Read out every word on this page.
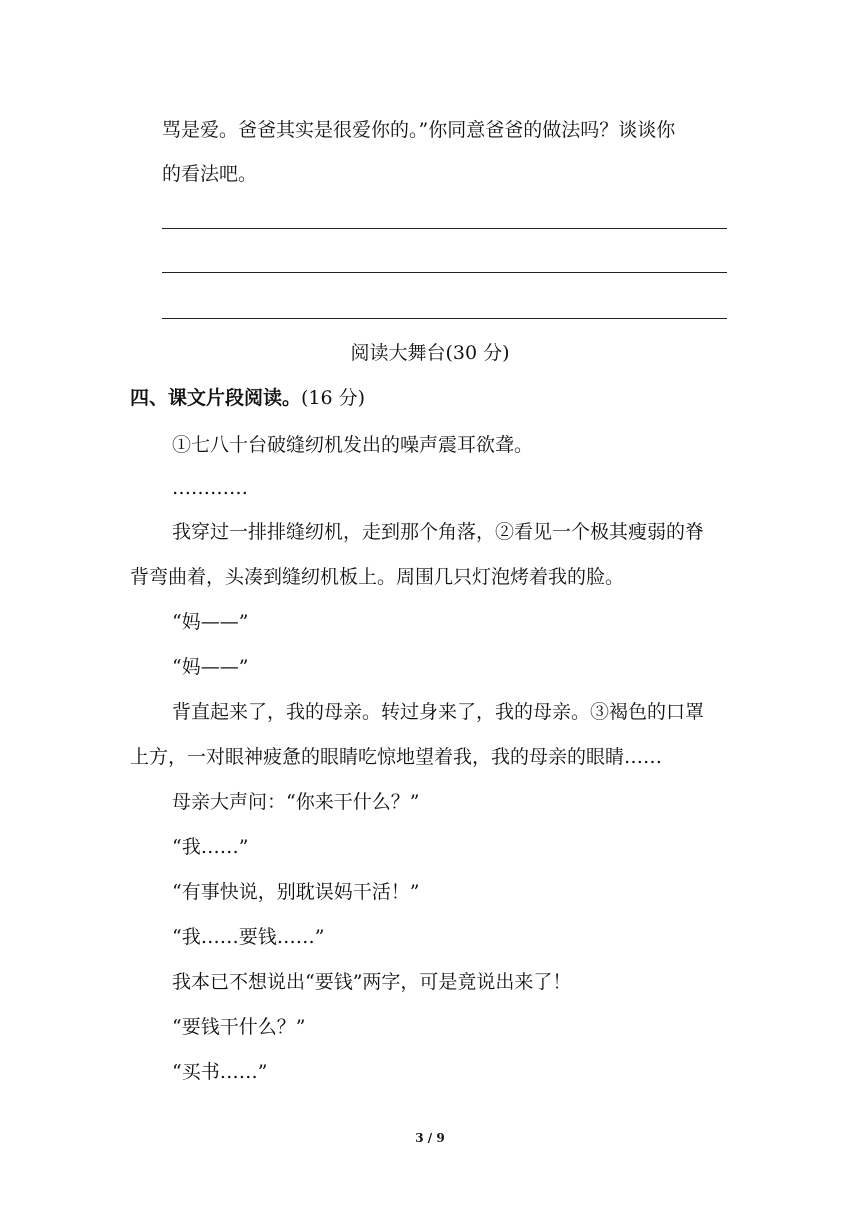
骂是爱。爸爸其实是很爱你的。”你同意爸爸的做法吗？谈谈你
的看法吧。
阅读大舞台(30 分)
四、课文片段阅读。(16 分)
①七八十台破缝纫机发出的噪声震耳欲聋。
…………
我穿过一排排缝纫机，走到那个角落，②看见一个极其瘦弱的脊
背弯曲着，头凑到缝纫机板上。周围几只灯泡烤着我的脸。
“妈——”
“妈——”
背直起来了，我的母亲。转过身来了，我的母亲。③褐色的口罩
上方，一对眼神疲惫的眼睛吃惊地望着我，我的母亲的眼睛……
母亲大声问：“你来干什么？”
“我……”
“有事快说，别耽误妈干活！”
“我……要钱……”
我本已不想说出“要钱”两字，可是竟说出来了！
“要钱干什么？”
“买书……”
3 / 9
